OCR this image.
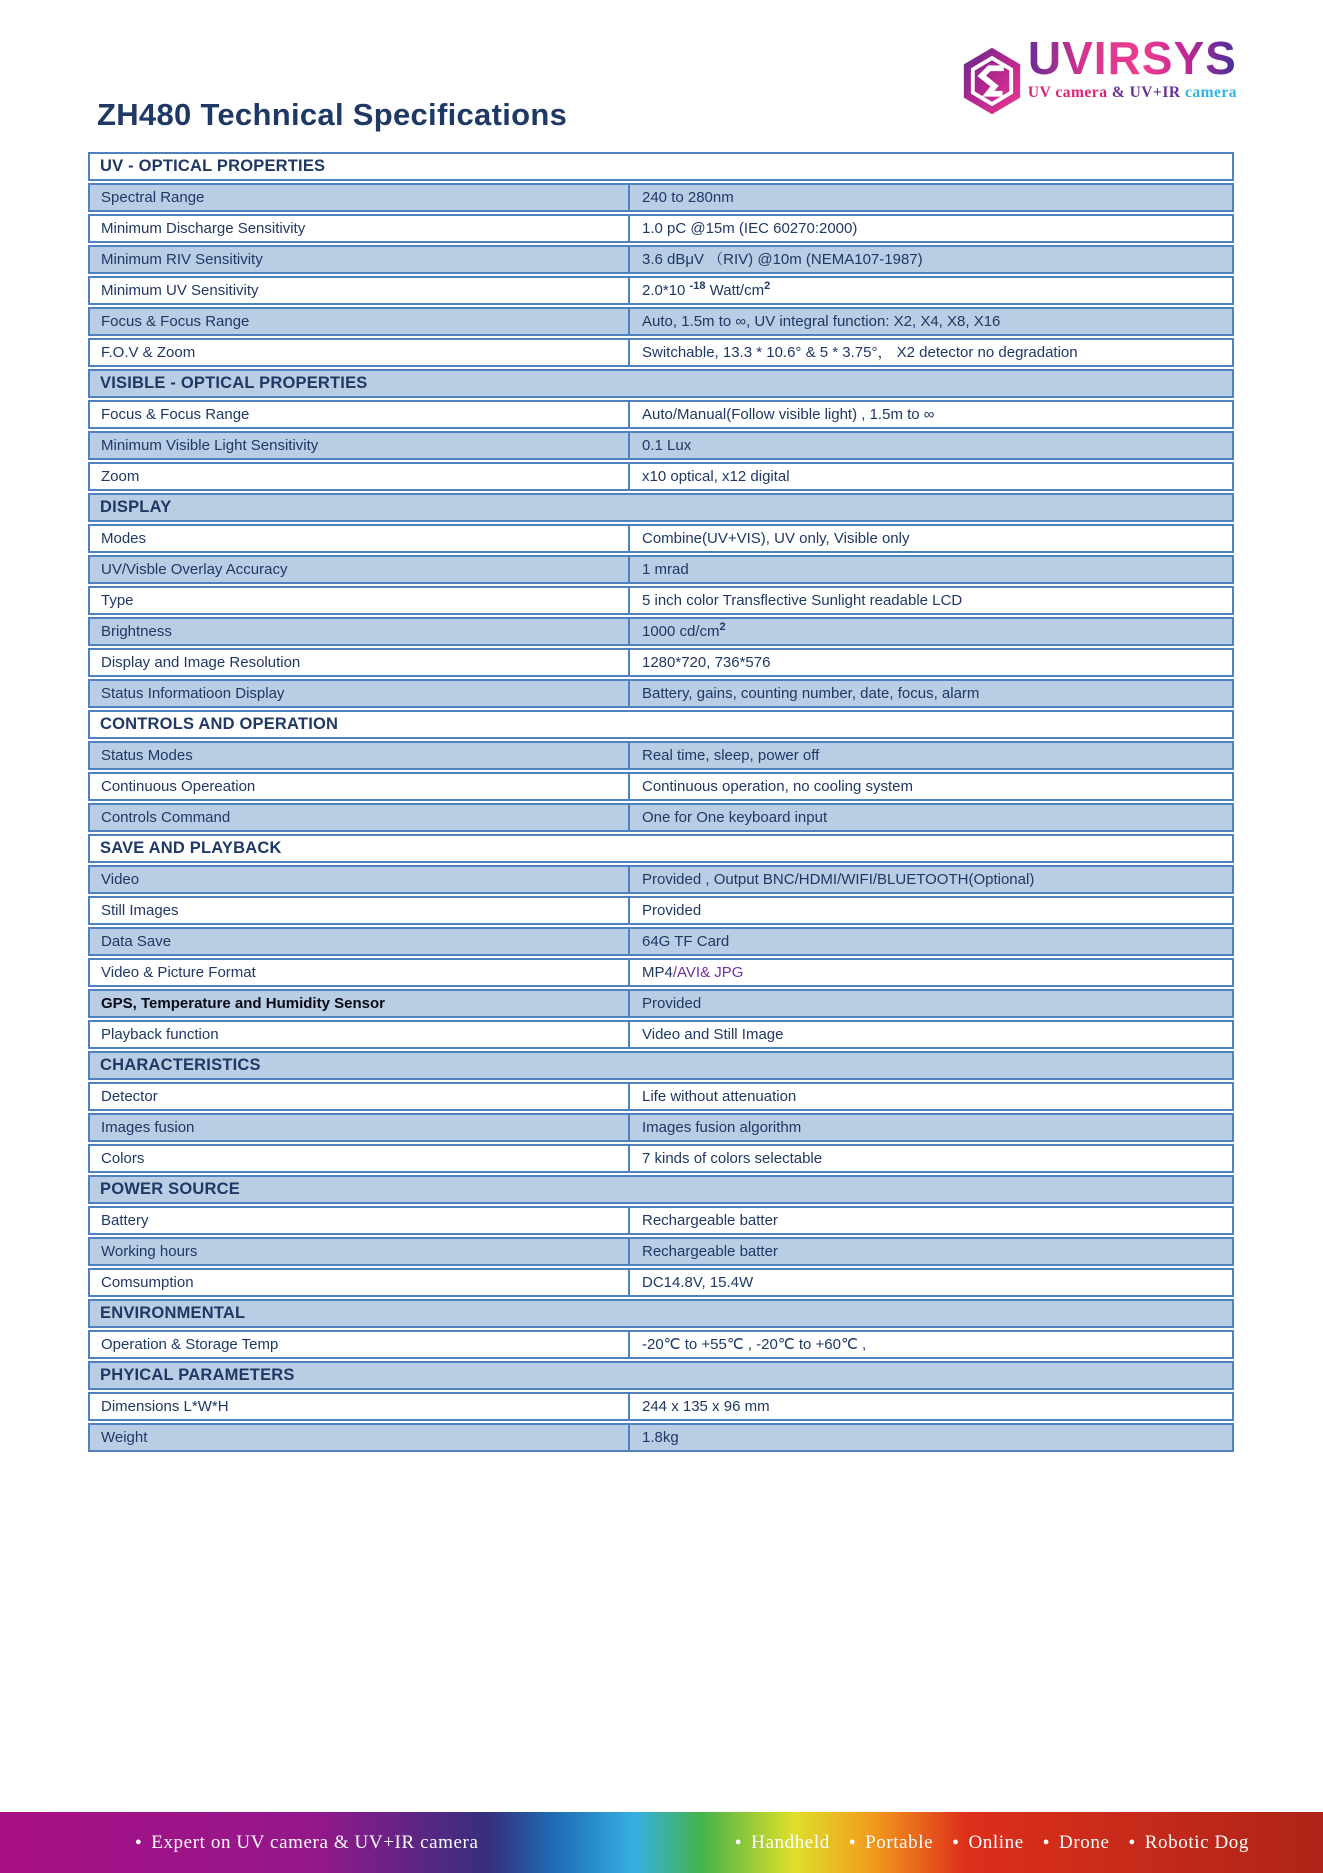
UVIRSYS
UV camera & UV+IR camera
ZH480 Technical Specifications
UV - OPTICAL PROPERTIES
Spectral Range	240 to 280nm
Minimum Discharge Sensitivity	1.0 pC @15m (IEC 60270:2000)
Minimum RIV Sensitivity	3.6 dBμV （RIV) @10m (NEMA107-1987)
Minimum UV Sensitivity	2.0*10 $^{-18}$ Watt/$cm^2$
Focus & Focus Range	Auto, 1.5m to ∞, UV integral function: X2, X4, X8, X16
F.O.V & Zoom	Switchable, 13.3 * 10.6° & 5 * 3.75°， X2 detector no degradation
VISIBLE - OPTICAL PROPERTIES
Focus & Focus Range	Auto/Manual(Follow visible light) , 1.5m to ∞
Minimum Visible Light Sensitivity	0.1 Lux
Zoom	x10 optical, x12 digital
DISPLAY
Modes	Combine(UV+VIS), UV only, Visible only
UV/Visble Overlay Accuracy	1 mrad
Type	5 inch color Transflective Sunlight readable LCD
Brightness	1000 $cd/cm^2$
Display and Image Resolution	1280*720, 736*576
Status Informatioon Display	Battery, gains, counting number, date, focus, alarm
CONTROLS AND OPERATION
Status Modes	Real time, sleep, power off
Continuous Opereation	Continuous operation, no cooling system
Controls Command	One for One keyboard input
SAVE AND PLAYBACK
Video	Provided , Output BNC/HDMI/WIFI/BLUETOOTH(Optional)
Still Images	Provided
Data Save	64G TF Card
Video & Picture Format	MP4/AVI& JPG
GPS, Temperature and Humidity Sensor	Provided
Playback function	Video and Still Image
CHARACTERISTICS
Detector	Life without attenuation
Images fusion	Images fusion algorithm
Colors	7 kinds of colors selectable
POWER SOURCE
Battery	Rechargeable batter
Working hours	Rechargeable batter
Comsumption	DC14.8V, 15.4W
ENVIRONMENTAL
Operation & Storage Temp	-20℃ to +55℃ , -20℃ to +60℃ ,
PHYICAL PARAMETERS
Dimensions L*W*H	244 x 135 x 96 mm
Weight	1.8kg
● Expert on UV camera & UV+IR camera	● Handheld ● Portable ● Online ● Drone ● Robotic Dog
